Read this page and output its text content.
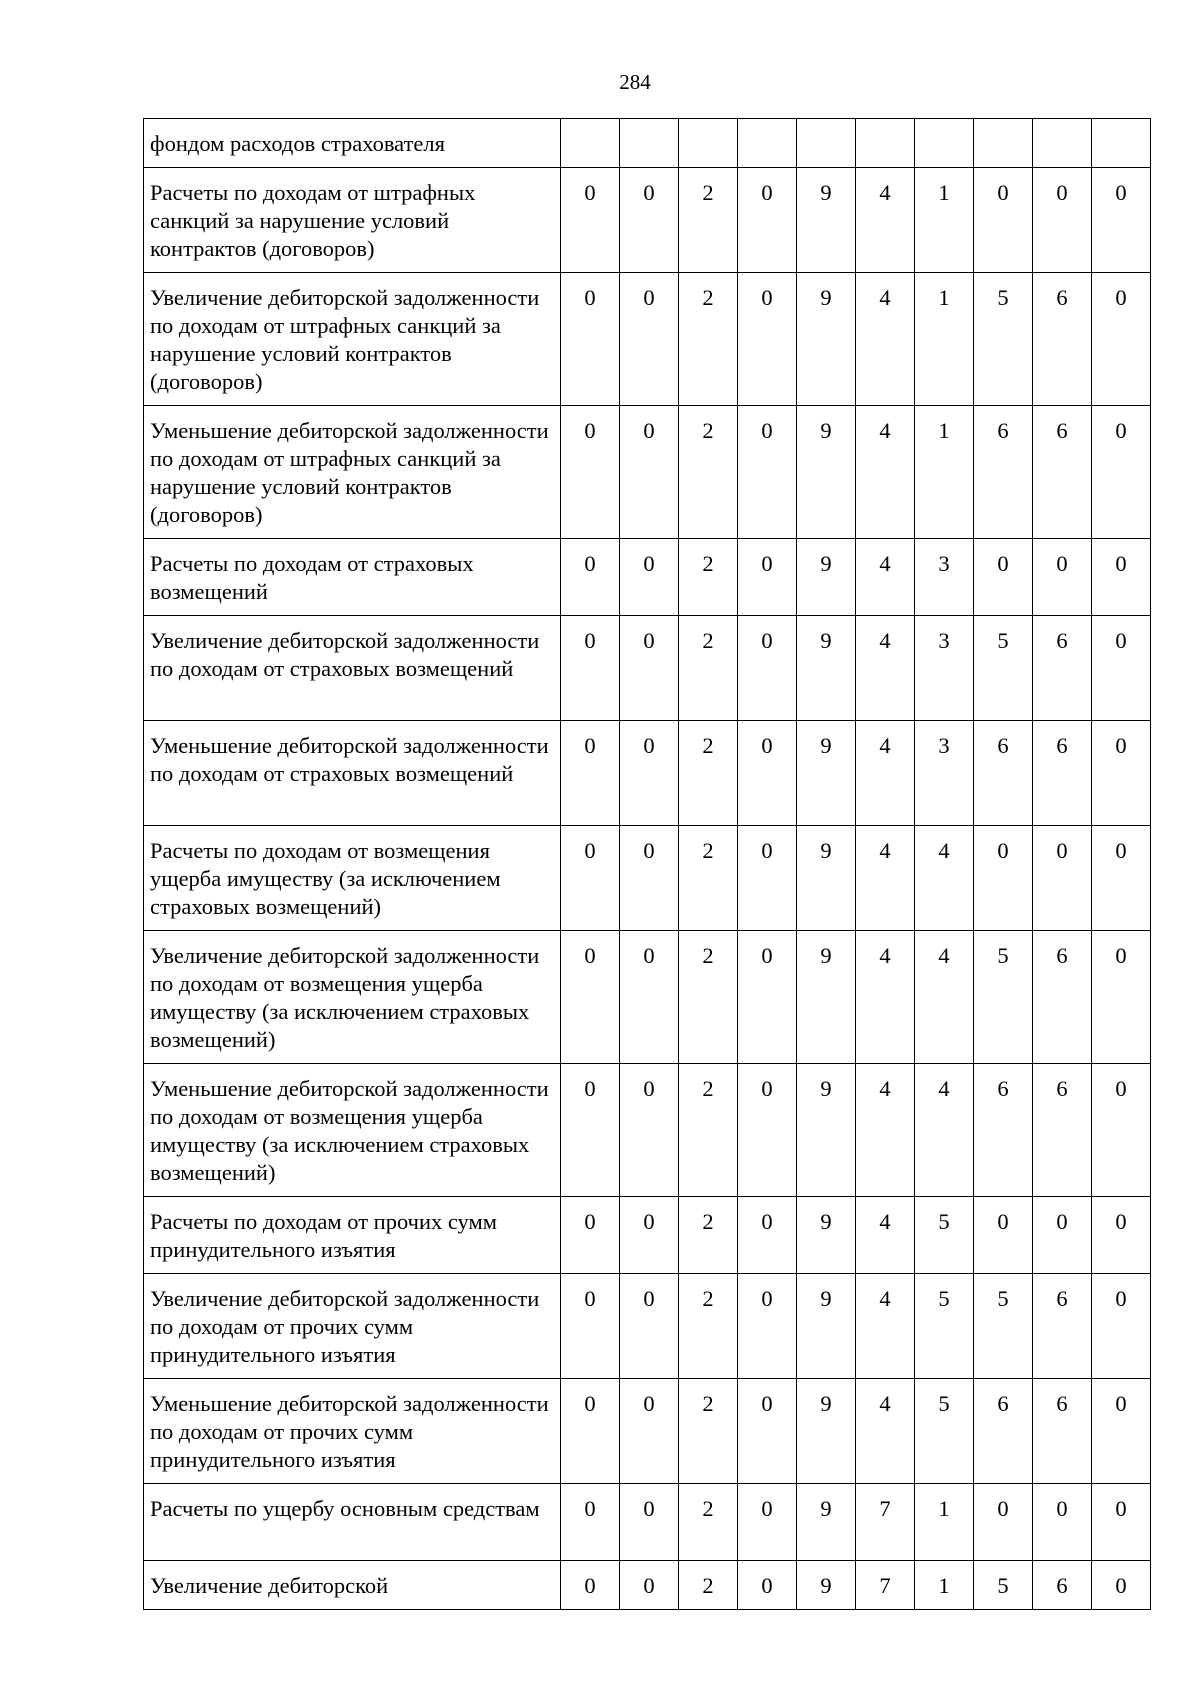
284
фондом расходов страхователя										
Расчеты по доходам от штрафных санкций за нарушение условий контрактов (договоров)	0	0	2	0	9	4	1	0	0	0
Увеличение дебиторской задолженности по доходам от штрафных санкций за нарушение условий контрактов (договоров)	0	0	2	0	9	4	1	5	6	0
Уменьшение дебиторской задолженности по доходам от штрафных санкций за нарушение условий контрактов (договоров)	0	0	2	0	9	4	1	6	6	0
Расчеты по доходам от страховых возмещений	0	0	2	0	9	4	3	0	0	0
Увеличение дебиторской задолженности по доходам от страховых возмещений	0	0	2	0	9	4	3	5	6	0
Уменьшение дебиторской задолженности по доходам от страховых возмещений	0	0	2	0	9	4	3	6	6	0
Расчеты по доходам от возмещения ущерба имуществу (за исключением страховых возмещений)	0	0	2	0	9	4	4	0	0	0
Увеличение дебиторской задолженности по доходам от возмещения ущерба имуществу (за исключением страховых возмещений)	0	0	2	0	9	4	4	5	6	0
Уменьшение дебиторской задолженности по доходам от возмещения ущерба имуществу (за исключением страховых возмещений)	0	0	2	0	9	4	4	6	6	0
Расчеты по доходам от прочих сумм принудительного изъятия	0	0	2	0	9	4	5	0	0	0
Увеличение дебиторской задолженности по доходам от прочих сумм принудительного изъятия	0	0	2	0	9	4	5	5	6	0
Уменьшение дебиторской задолженности по доходам от прочих сумм принудительного изъятия	0	0	2	0	9	4	5	6	6	0
Расчеты по ущербу основным средствам	0	0	2	0	9	7	1	0	0	0
Увеличение дебиторской	0	0	2	0	9	7	1	5	6	0
